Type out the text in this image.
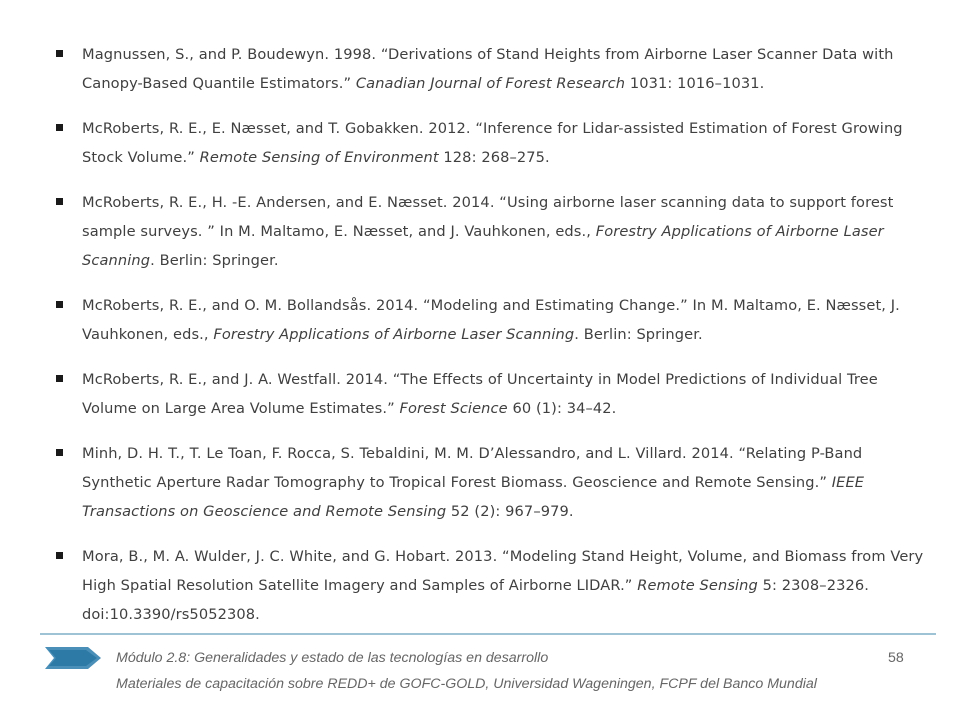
Magnussen, S., and P. Boudewyn. 1998. “Derivations of Stand Heights from Airborne Laser Scanner Data with Canopy-Based Quantile Estimators.” Canadian Journal of Forest Research 1031: 1016–1031.
McRoberts, R. E., E. Næsset, and T. Gobakken. 2012. “Inference for Lidar-assisted Estimation of Forest Growing Stock Volume.” Remote Sensing of Environment 128: 268–275.
McRoberts, R. E., H. -E. Andersen, and E. Næsset. 2014. “Using airborne laser scanning data to support forest sample surveys. ” In M. Maltamo, E. Næsset, and J. Vauhkonen, eds., Forestry Applications of Airborne Laser Scanning. Berlin: Springer.
McRoberts, R. E., and O. M. Bollandsås. 2014. “Modeling and Estimating Change.” In M. Maltamo, E. Næsset, J. Vauhkonen, eds., Forestry Applications of Airborne Laser Scanning. Berlin: Springer.
McRoberts, R. E., and J. A. Westfall. 2014. “The Effects of Uncertainty in Model Predictions of Individual Tree Volume on Large Area Volume Estimates.” Forest Science 60 (1): 34–42.
Minh, D. H. T., T. Le Toan, F. Rocca, S. Tebaldini, M. M. D’Alessandro, and L. Villard. 2014. “Relating P-Band Synthetic Aperture Radar Tomography to Tropical Forest Biomass. Geoscience and Remote Sensing.” IEEE Transactions on Geoscience and Remote Sensing 52 (2): 967–979.
Mora, B., M. A. Wulder, J. C. White, and G. Hobart. 2013. “Modeling Stand Height, Volume, and Biomass from Very High Spatial Resolution Satellite Imagery and Samples of Airborne LIDAR.” Remote Sensing 5: 2308–2326. doi:10.3390/rs5052308.
Módulo 2.8: Generalidades y estado de las tecnologías en desarrollo	58
Materiales de capacitación sobre REDD+ de GOFC-GOLD, Universidad Wageningen, FCPF del Banco Mundial
